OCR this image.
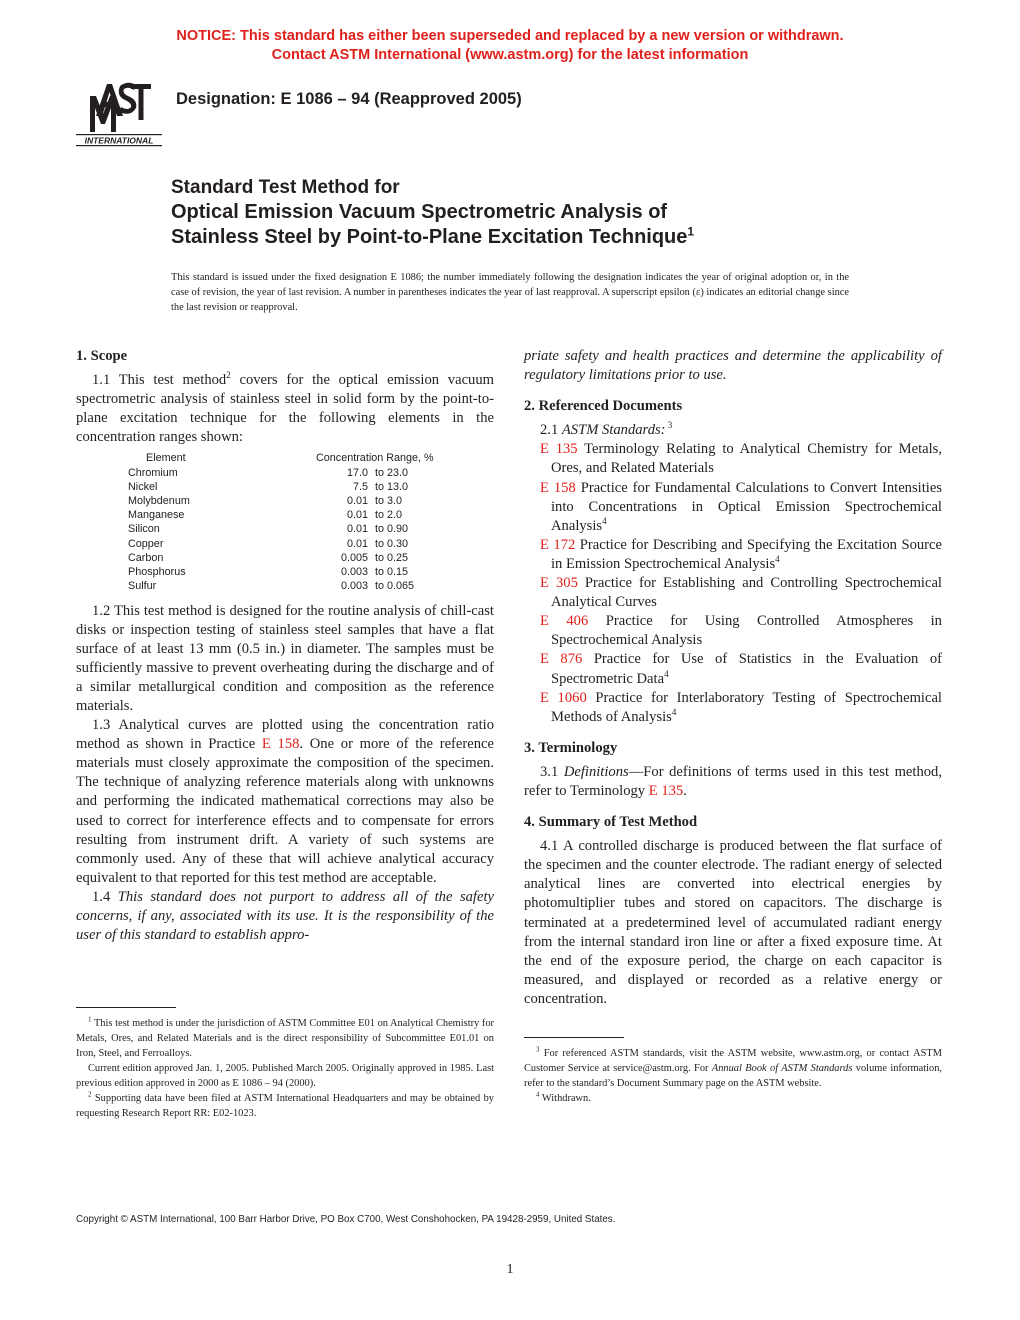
NOTICE: This standard has either been superseded and replaced by a new version or withdrawn.
Contact ASTM International (www.astm.org) for the latest information
INTERNATIONAL
Designation: E 1086 – 94 (Reapproved 2005)
Standard Test Method for
Optical Emission Vacuum Spectrometric Analysis of
Stainless Steel by Point-to-Plane Excitation Technique$^1$
This standard is issued under the fixed designation E 1086; the number immediately following the designation indicates the year of original adoption or, in the case of revision, the year of last revision. A number in parentheses indicates the year of last reapproval. A superscript epsilon (ε) indicates an editorial change since the last revision or reapproval.

1. Scope

1.1 This test method$^2$ covers for the optical emission vacuum spectrometric analysis of stainless steel in solid form by the point-to-plane excitation technique for the following elements in the concentration ranges shown:

Element	Concentration Range, %	
Chromium	17.0	to 23.0
Nickel	7.5	to 13.0
Molybdenum	0.01	to 3.0
Manganese	0.01	to 2.0
Silicon	0.01	to 0.90
Copper	0.01	to 0.30
Carbon	0.005	to 0.25
Phosphorus	0.003	to 0.15
Sulfur	0.003	to 0.065

1.2 This test method is designed for the routine analysis of chill-cast disks or inspection testing of stainless steel samples that have a flat surface of at least 13 mm (0.5 in.) in diameter. The samples must be sufficiently massive to prevent overheating during the discharge and of a similar metallurgical condition and composition as the reference materials.

1.3 Analytical curves are plotted using the concentration ratio method as shown in Practice E 158. One or more of the reference materials must closely approximate the composition of the specimen. The technique of analyzing reference materials along with unknowns and performing the indicated mathematical corrections may also be used to correct for interference effects and to compensate for errors resulting from instrument drift. A variety of such systems are commonly used. Any of these that will achieve analytical accuracy equivalent to that reported for this test method are acceptable.

1.4 This standard does not purport to address all of the safety concerns, if any, associated with its use. It is the responsibility of the user of this standard to establish appro-

priate safety and health practices and determine the applicability of regulatory limitations prior to use.

2. Referenced Documents

2.1 ASTM Standards: $^3$

E 135 Terminology Relating to Analytical Chemistry for Metals, Ores, and Related Materials

E 158 Practice for Fundamental Calculations to Convert Intensities into Concentrations in Optical Emission Spectrochemical Analysis$^4$

E 172 Practice for Describing and Specifying the Excitation Source in Emission Spectrochemical Analysis$^4$

E 305 Practice for Establishing and Controlling Spectrochemical Analytical Curves

E 406 Practice for Using Controlled Atmospheres in Spectrochemical Analysis

E 876 Practice for Use of Statistics in the Evaluation of Spectrometric Data$^4$

E 1060 Practice for Interlaboratory Testing of Spectrochemical Methods of Analysis$^4$

3. Terminology

3.1 Definitions—For definitions of terms used in this test method, refer to Terminology E 135.

4. Summary of Test Method

4.1 A controlled discharge is produced between the flat surface of the specimen and the counter electrode. The radiant energy of selected analytical lines are converted into electrical energies by photomultiplier tubes and stored on capacitors. The discharge is terminated at a predetermined level of accumulated radiant energy from the internal standard iron line or after a fixed exposure time. At the end of the exposure period, the charge on each capacitor is measured, and displayed or recorded as a relative energy or concentration.

$^1$ This test method is under the jurisdiction of ASTM Committee E01 on Analytical Chemistry for Metals, Ores, and Related Materials and is the direct responsibility of Subcommittee E01.01 on Iron, Steel, and Ferroalloys.

Current edition approved Jan. 1, 2005. Published March 2005. Originally approved in 1985. Last previous edition approved in 2000 as E 1086 – 94 (2000).

$^2$ Supporting data have been filed at ASTM International Headquarters and may be obtained by requesting Research Report RR: E02-1023.

$^3$ For referenced ASTM standards, visit the ASTM website, www.astm.org, or contact ASTM Customer Service at service@astm.org. For Annual Book of ASTM Standards volume information, refer to the standard’s Document Summary page on the ASTM website.

$^4$ Withdrawn.

Copyright © ASTM International, 100 Barr Harbor Drive, PO Box C700, West Conshohocken, PA 19428-2959, United States.
1
